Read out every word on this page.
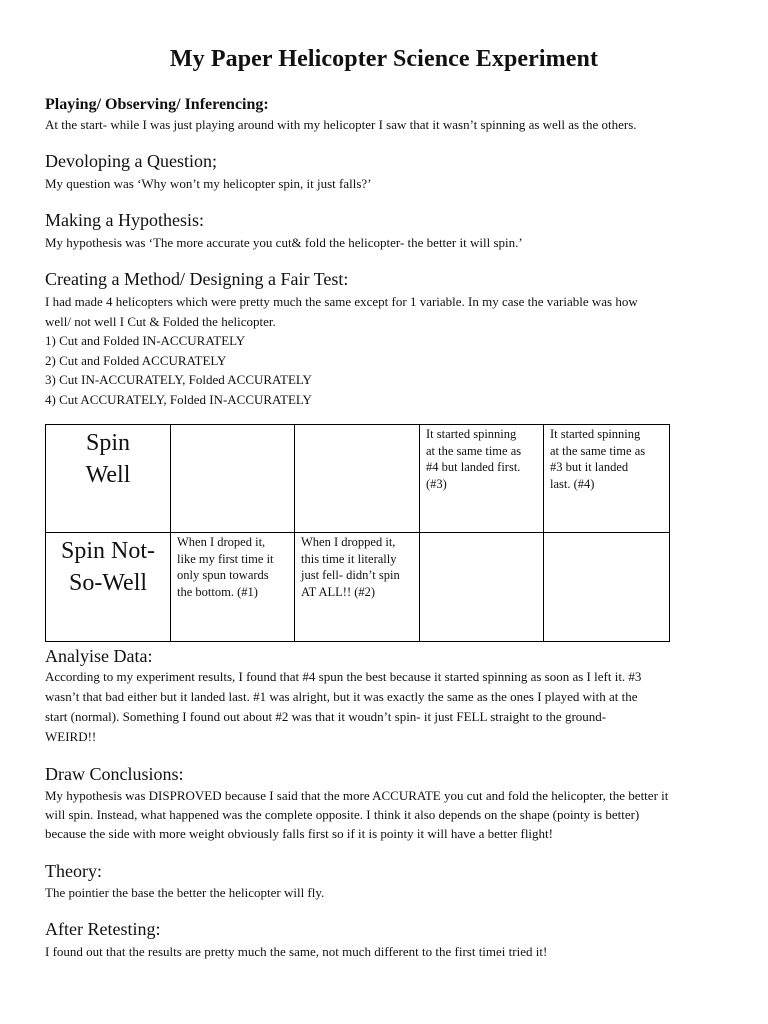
My Paper Helicopter Science Experiment
Playing/ Observing/ Inferencing:
At the start- while I was just playing around with my helicopter I saw that it wasn’t spinning as well as the others.
Devoloping a Question;
My question was ‘Why won’t my helicopter spin, it just falls?’
Making a Hypothesis:
My hypothesis was ‘The more accurate you cut& fold the helicopter- the better it will spin.’
Creating a Method/ Designing a Fair Test:
I had made 4 helicopters which were pretty much the same except for 1 variable. In my case the variable was how
well/ not well I Cut & Folded the helicopter.
1) Cut and Folded IN-ACCURATELY
2) Cut and Folded ACCURATELY
3) Cut IN-ACCURATELY, Folded ACCURATELY
4) Cut ACCURATELY, Folded IN-ACCURATELY
Spin
Well			It started spinning
at the same time as
#4 but landed first.
(#3)	It started spinning
at the same time as
#3 but it landed
last. (#4)

Spin Not-
So-Well	When I droped it,
like my first time it
only spun towards
the bottom. (#1)	When I dropped it,
this time it literally
just fell- didn’t spin
AT ALL!! (#2)		

Analyise Data:
According to my experiment results, I found that #4 spun the best because it started spinning as soon as I left it. #3
wasn’t that bad either but it landed last. #1 was alright, but it was exactly the same as the ones I played with at the
start (normal). Something I found out about #2 was that it woudn’t spin- it just FELL straight to the ground-
WEIRD!!
Draw Conclusions:
My hypothesis was DISPROVED because I said that the more ACCURATE you cut and fold the helicopter, the better it
will spin. Instead, what happened was the complete opposite. I think it also depends on the shape (pointy is better)
because the side with more weight obviously falls first so if it is pointy it will have a better flight!
Theory:
The pointier the base the better the helicopter will fly.
After Retesting:
I found out that the results are pretty much the same, not much different to the first timei tried it!
